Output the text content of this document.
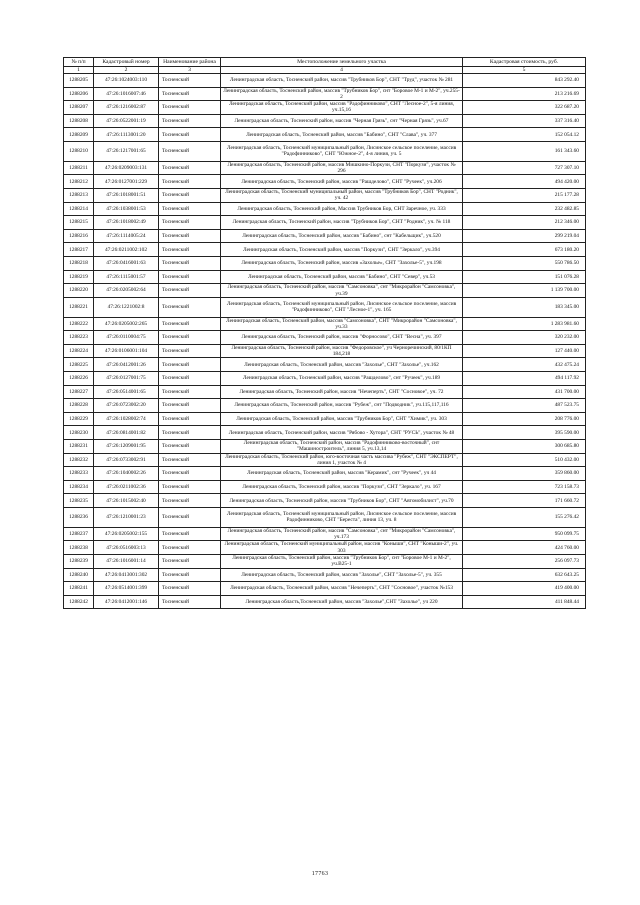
№ п/п	Кадастровый номер	Наименование района	Местоположение земельного участка	Кадастровая стоимость, руб.
1	2	3	4	5
1288205	47:26:1024003:110	Тосненский	Ленинградская область, Тосненский район, массив "Трубников Бор", СНТ "Труд", участок № 281	843 292.40
1288206	47:26:1016007:46	Тосненский	Ленинградская область, Тосненский район, массив "Трубников Бор", снт "Боровое М-1 и М-2", уч.255-2	213 216.69
1288207	47:26:1216002:87	Тосненский	Ленинградская область, Тосненский район, массив "Радофинниково", СНТ "Лесное-2", 5-я линия, уч.15,16	322 687.20
1288208	47:26:0522001:19	Тосненский	Ленинградская область, Тосненский район, массив "Черная Грязь", снт "Черная Грязь", уч.67	337 316.40
1288209	47:26:1113001:20	Тосненский	Ленинградская область, Тосненский район, массив "Бабино", СНТ "Слава", уч. 377	152 054.12
1288210	47:26:1217001:65	Тосненский	Ленинградская область, Тосненский муниципальный район, Лисинское сельское поселение, массив "Радофинниково", СНТ "Южное-2", 4-я линия, уч. 5	161 343.60
1288211	47:26:0209003:131	Тосненский	Ленинградская область, Тосненский район, массив Мишкино-Поркузи, СНТ "Поркузи", участок № 296	727 307.10
1288212	47:26:0127001:229	Тосненский	Ленинградская область, Тосненский район, массив "Рашделово", СНТ "Ручеек", уч.206	494 420.00
1288213	47:26:1018001:51	Тосненский	Ленинградская область, Тосненский муниципальный район, массив "Трубников Бор", СНТ "Родник", уч. 42	215 177.28
1288214	47:26:1038001:53	Тосненский	Ленинградская область, Тосненский район, Массив Трубников Бор, СНТ Заречное, уч. 333	232 482.85
1288215	47:26:1018002:49	Тосненский	Ленинградская область, Тосненский район, массив "Трубников Бор", СНТ "Родник", уч. № 118	212 346.00
1288216	47:26:1114005:24	Тосненский	Ленинградская область, Тосненский район, массив "Бабино", снт "Кабельщик", уч.520	299 219.04
1288217	47:26:0211002:102	Тосненский	Ленинградская область, Тосненский район, массив "Поркузи", СНТ "Зеркало", уч.394	673 180.20
1288218	47:26:0416001:63	Тосненский	Ленинградская область, Тосненский район, массив «Захолье», СНТ "Захолье-5", уч.198	550 786.50
1288219	47:26:1115001:57	Тосненский	Ленинградская область, Тосненский район, массив "Бабино", СНТ "Север", уч.53	151 076.28
1288220	47:26:0205002:64	Тосненский	Ленинградская область, Тосненский район, массив "Самсоновка", снт "Микрорайон "Самсоновка", уч.39	1 139 700.00
1288221	47:26:1221002:8	Тосненский	Ленинградская область, Тосненский муниципальный район, Лисинское сельское поселение, массив "Радофинниково", СНТ "Лесное-1", уч. 165	183 345.00
1288222	47:26:0205002:265	Тосненский	Ленинградская область, Тосненский район, массив "Самсоновка", СНТ "Микрорайон "Самсоновка", уч.33	1 283 981.60
1288223	47:26:0110004:75	Тосненский	Ленинградская область, Тосненский район, массив "Форносово", СНТ "Весна", уч. 397	320 232.00
1288224	47:26:0106001:104	Тосненский	Ленинградская область, Тосненский район, массив "Федоровское", уч Черноречинский, 80/1КП 184,218	127 440.00
1288225	47:26:0412001:26	Тосненский	Ленинградская область, Тосненский район, массив "Захолье", СНТ "Захолье", уч.162	432 475.24
1288226	47:26:0127001:75	Тосненский	Ленинградская область, Тосненский район, массив "Рашделово", снт "Ручеек", уч.189	494 117.92
1288227	47:26:0514001:65	Тосненский	Ленинградская область, Тосненский район, массив "Нечеперть", СНТ "Сосновое", уч. 72	431 700.00
1288228	47:26:0723002:20	Тосненский	Ленинградская область, Тосненский район, массив "Рубеж", снт "Подводник", уч.115,117,116	487 523.75
1288229	47:26:1028002:74	Тосненский	Ленинградская область, Тосненский район, массив "Трубников Бор", СНТ "Химик", уч. 303	208 776.00
1288230	47:26:0814001:82	Тосненский	Ленинградская область, Тосненский район, массив "Рябово - Хутора", СНТ "РУСЬ", участок № 48	395 590.00
1288231	47:26:1209001:95	Тосненский	Ленинградская область, Тосненский район, массив "Радофинниково-восточный", снт "Машиностроитель", линия 5, уч.13,14	300 685.80
1288232	47:26:0733002:91	Тосненский	Ленинградская область, Тосненский район, юго-восточная часть массива "Рубеж", СНТ "ЭКСПЕРТ", линия 1, участок № 4	510 432.00
1288233	47:26:1040002:26	Тосненский	Ленинградская область, Тосненский район, массив "Керамик", снт "Ручеек", уч 44	359 860.00
1288234	47:26:0211002:36	Тосненский	Ленинградская область, Тосненский район, массив "Поркузи", СНТ "Зеркало", уч. 167	723 158.73
1288235	47:26:1015002:40	Тосненский	Ленинградская область, Тосненский район, массив "Трубников Бор", СНТ "Автомобилист", уч.70	171 660.72
1288236	47:26:1210001:23	Тосненский	Ленинградская область, Тосненский муниципальный район, Лисинское сельское поселение, массив Радофинниково, СНТ "Береста", линия 13, уч. 8	155 276.42
1288237	47:26:0205002:155	Тосненский	Ленинградская область, Тосненский район, массив "Самсоновка", снт "Микрорайон "Самсоновка", уч.173	950 099.75
1288238	47:26:0516003:13	Тосненский	Ленинградская область, Тосненский муниципальный район, массив "Коныши", СНТ "Коныши-2", уч. 303	424 760.00
1288239	47:26:1016001:14	Тосненский	Ленинградская область, Тосненский район, массив "Трубников Бор", снт "Боровое М-1 и М-2", уч.В25-1	256 097.73
1288240	47:26:0413001:302	Тосненский	Ленинградская область, Тосненский район, массив "Захолье", СНТ "Захолье-5", уч. 355	632 643.25
1288241	47:26:0514001:399	Тосненский	Ленинградская область, Тосненский район, массив "Нечеперть", СНТ "Сосновое", участок №153	419 400.00
1288242	47:26:0412001:146	Тосненский	Ленинградская область,Тосненский район, массив "Захолье",СНТ "Захолье", уч 220	411 848.44
17763
